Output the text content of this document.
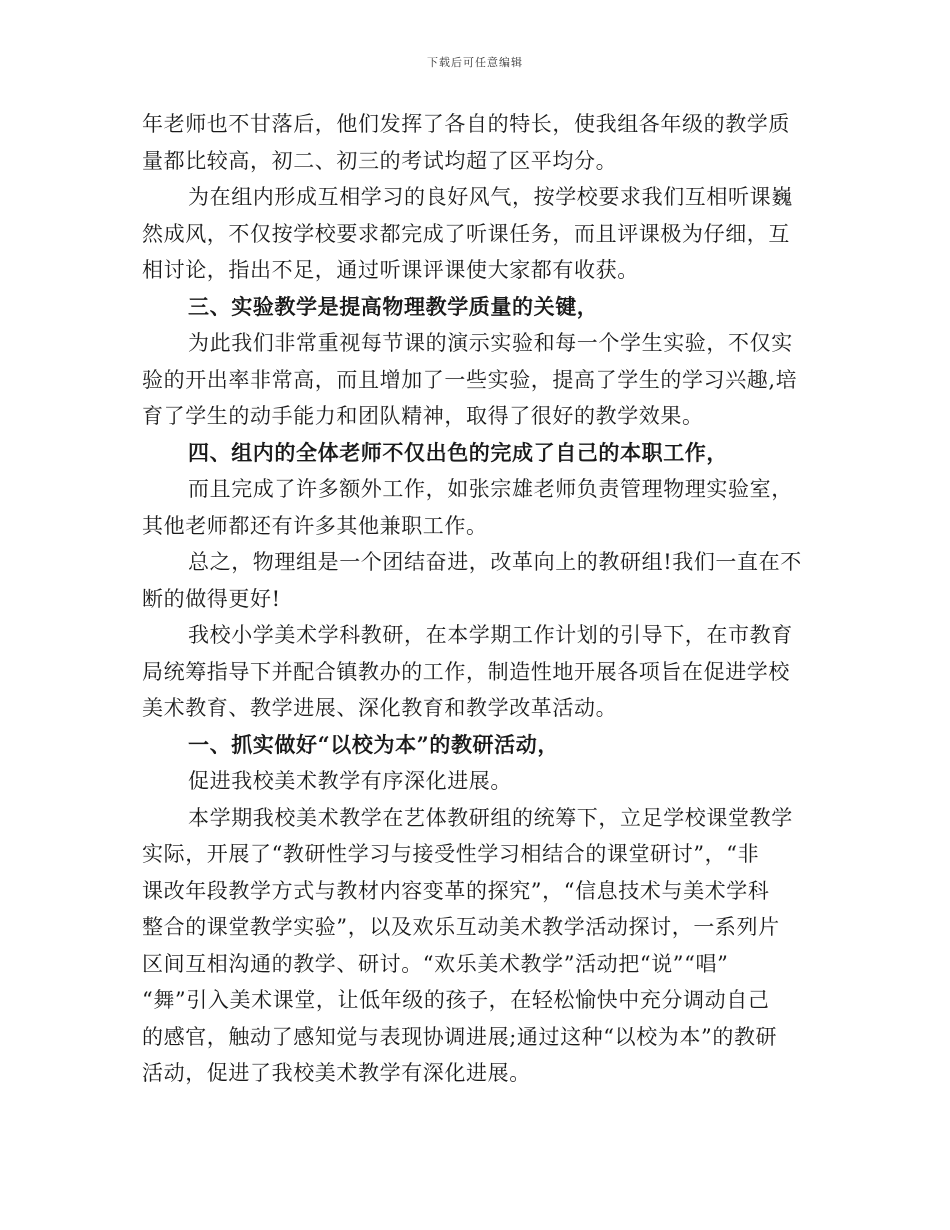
下载后可任意编辑
年老师也不甘落后，他们发挥了各自的特长，使我组各年级的教学质
量都比较高，初二、初三的考试均超了区平均分。
为在组内形成互相学习的良好风气，按学校要求我们互相听课巍
然成风，不仅按学校要求都完成了听课任务，而且评课极为仔细，互
相讨论，指出不足，通过听课评课使大家都有收获。
三、实验教学是提高物理教学质量的关键，
为此我们非常重视每节课的演示实验和每一个学生实验，不仅实
验的开出率非常高，而且增加了一些实验，提高了学生的学习兴趣,培
育了学生的动手能力和团队精神，取得了很好的教学效果。
四、组内的全体老师不仅出色的完成了自己的本职工作，
而且完成了许多额外工作，如张宗雄老师负责管理物理实验室，
其他老师都还有许多其他兼职工作。
总之，物理组是一个团结奋进，改革向上的教研组!我们一直在不
断的做得更好!
我校小学美术学科教研，在本学期工作计划的引导下，在市教育
局统筹指导下并配合镇教办的工作，制造性地开展各项旨在促进学校
美术教育、教学进展、深化教育和教学改革活动。
一、抓实做好“以校为本”的教研活动，
促进我校美术教学有序深化进展。
本学期我校美术教学在艺体教研组的统筹下，立足学校课堂教学
实际，开展了“教研性学习与接受性学习相结合的课堂研讨”，“非
课改年段教学方式与教材内容变革的探究”，“信息技术与美术学科
整合的课堂教学实验”，以及欢乐互动美术教学活动探讨，一系列片
区间互相沟通的教学、研讨。“欢乐美术教学”活动把“说”“唱”
“舞”引入美术课堂，让低年级的孩子，在轻松愉快中充分调动自己
的感官，触动了感知觉与表现协调进展;通过这种“以校为本”的教研
活动，促进了我校美术教学有深化进展。
